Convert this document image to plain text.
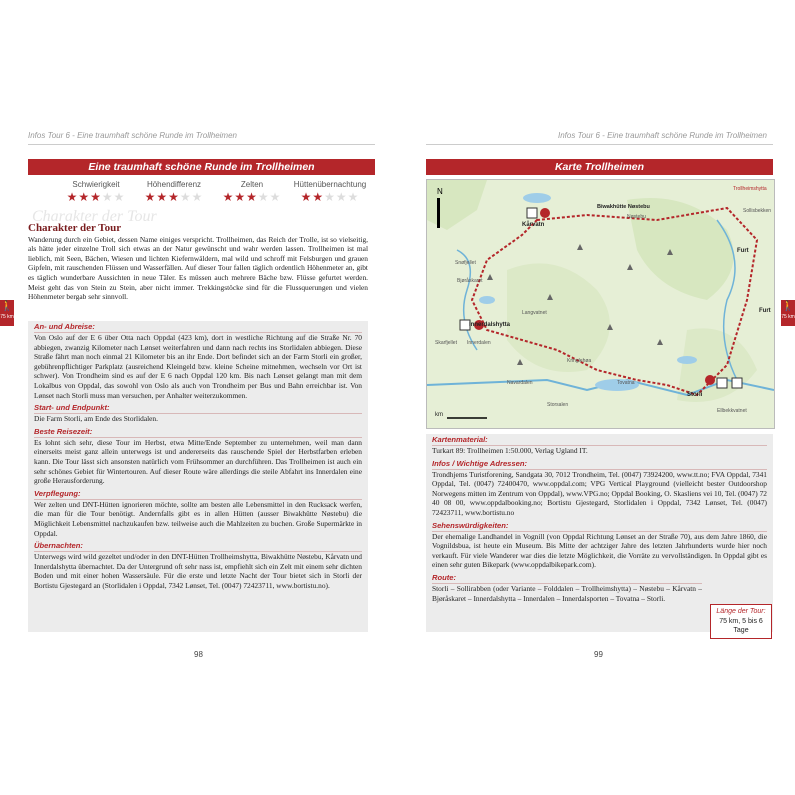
Infos Tour 6 - Eine traumhaft schöne Runde im Trollheimen
Eine traumhaft schöne Runde im Trollheimen
Schwierigkeit
★★★★★
Höhendifferenz
★★★★★
Zelten
★★★★★
Hüttenübernachtung
★★★★★
Charakter der Tour
Charakter der Tour
Wanderung durch ein Gebiet, dessen Name einiges verspricht. Trollheimen, das Reich der Trolle, ist so vielseitig, als hätte jeder einzelne Troll sich etwas an der Natur gewünscht und wahr werden lassen. Trollheimen ist mal lieblich, mit Seen, Bächen, Wiesen und lichten Kiefernwäldern, mal wild und schroff mit Felsburgen und grauen Gipfeln, mit rauschenden Flüssen und Wasserfällen. Auf dieser Tour fallen täglich ordentlich Höhenmeter an, gibt es täglich wunderbare Aussichten in neue Täler. Es müssen auch mehrere Bäche bzw. Flüsse gefurtet werden. Meist geht das von Stein zu Stein, aber nicht immer. Trekkingstöcke sind für die Flussquerungen und vielen Höhenmeter bergab sehr sinnvoll.
An- und Abreise:
Von Oslo auf der E 6 über Otta nach Oppdal (423 km), dort in westliche Richtung auf die Straße Nr. 70 abbiegen, zwanzig Kilometer nach Lønset weiterfahren und dann nach rechts ins Storlidalen abbiegen. Diese Straße fährt man noch einmal 21 Kilometer bis an ihr Ende. Dort befindet sich an der Farm Storli ein großer, gebührenpflichtiger Parkplatz (ausreichend Kleingeld bzw. kleine Scheine mitnehmen, wechseln vor Ort ist schwer). Von Trondheim sind es auf der E 6 nach Oppdal 120 km. Bis nach Lønset gelangt man mit dem Lokalbus von Oppdal, das sowohl von Oslo als auch von Trondheim per Bus und Bahn erreichbar ist. Von Lønset nach Storli muss man versuchen, per Anhalter weiterzukommen.
Start- und Endpunkt:
Die Farm Storli, am Ende des Storlidalen.
Beste Reisezeit:
Es lohnt sich sehr, diese Tour im Herbst, etwa Mitte/Ende September zu unternehmen, weil man dann einerseits meist ganz allein unterwegs ist und andererseits das rauschende Spiel der Herbstfarben erleben kann. Die Tour lässt sich ansonsten natürlich vom Frühsommer an durchführen. Das Trollheimen ist auch ein sehr schönes Gebiet für Wintertouren. Auf dieser Route wäre allerdings die steile Abfahrt ins Innerdalen eine große Herausforderung.
Verpflegung:
Wer zelten und DNT-Hütten ignorieren möchte, sollte am besten alle Lebensmittel in den Rucksack werfen, die man für die Tour benötigt. Andernfalls gibt es in allen Hütten (ausser Biwakhütte Nøstebu) die Möglichkeit Lebensmittel nachzukaufen bzw. teilweise auch die Mahlzeiten zu buchen. Große Supermärkte in Oppdal.
Übernachten:
Unterwegs wird wild gezeltet und/oder in den DNT-Hütten Trollheimshytta, Biwakhütte Nøstebu, Kårvatn und Innerdalshytta übernachtet. Da der Untergrund oft sehr nass ist, empfiehlt sich ein Zelt mit einem sehr dichten Boden und mit einer hohen Wassersäule. Für die erste und letzte Nacht der Tour bietet sich in Storli der Bortistu Gjestegard an (Storlidalen i Oppdal, 7342 Lønset, Tel. (0047) 72423711, www.bortistu.no).
98
🚶
75 km
Infos Tour 6 - Eine traumhaft schöne Runde im Trollheimen
Karte Trollheimen
N	Trollheimshytta
Biwakhütte Nøstebu
Kårvatn
Innerdalshytta
Storli
Furt
Furt
Nøstebu
Bjøråskaret
Innerdalen
Tovatna
Storsalen
Snøfjellet
Skarfjellet
Langvatnet
Kringlehøa
Navardalen
Sollisbekken
Ellbekkvatnet
km
Kartenmaterial:
Turkart 89: Trollheimen 1:50.000, Verlag Ugland IT.
Infos / Wichtige Adressen:
Trondhjems Turistforening, Sandgata 30, 7012 Trondheim, Tel. (0047) 73924200, www.tt.no; FVA Oppdal, 7341 Oppdal, Tel. (0047) 72400470, www.oppdal.com; VPG Vertical Playground (vielleicht bester Outdoorshop Norwegens mitten im Zentrum von Oppdal), www.VPG.no; Oppdal Booking, O. Skasliens vei 10, Tel. (0047) 72 40 08 00, www.oppdalbooking.no; Bortistu Gjestegard, Storlidalen i Oppdal, 7342 Lønset, Tel. (0047) 72423711, www.bortistu.no
Sehenswürdigkeiten:
Der ehemalige Landhandel in Vognill (von Oppdal Richtung Lønset an der Straße 70), aus dem Jahre 1860, die Vognildsbua, ist heute ein Museum. Bis Mitte der achtziger Jahre des letzten Jahrhunderts wurde hier noch verkauft. Für viele Wanderer war dies die letzte Möglichkeit, die Vorräte zu vervollständigen. In Oppdal gibt es einen sehr guten Bikepark (www.oppdalbikepark.com).
Route:
Storli – Sollirabben (oder Variante – Folddalen – Trollheimshytta) – Nøstebu – Kårvatn – Bjøråskaret – Innerdalshytta – Innerdalen – Innerdalsporten – Tovatna – Storli.
Länge der Tour:
75 km, 5 bis 6 Tage
99
🚶
75 km
